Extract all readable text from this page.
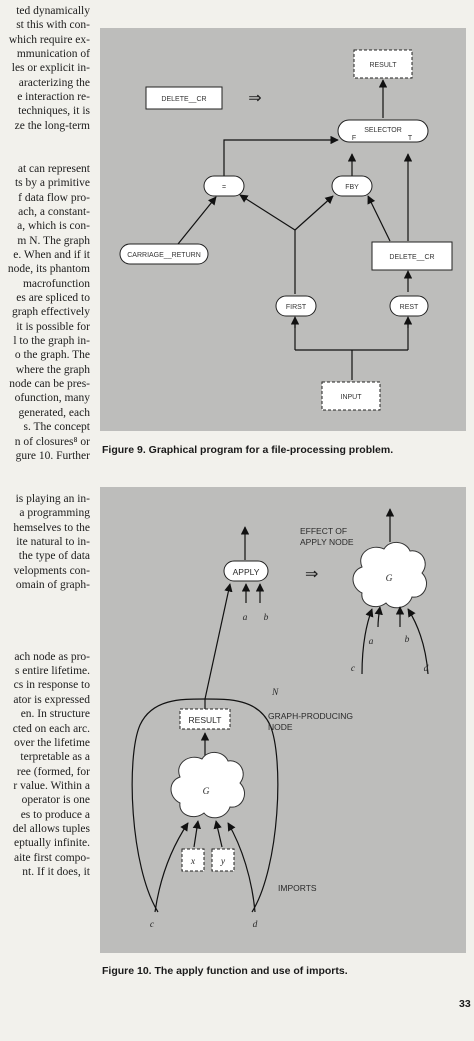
ted dynamically
st this with con-
which require ex-
mmunication of
les or explicit in-
aracterizing the
e interaction re-
techniques, it is
ze the long-term
at can represent
ts by a primitive
f data flow pro-
ach, a constant-
a, which is con-
m N. The graph
e. When and if it
node, its phantom
macrofunction
es are spliced to
graph effectively
it is possible for
l to the graph in-
o the graph. The
where the graph
node can be pres-
ofunction, many
generated, each
s. The concept
n of closures⁸ or
gure 10. Further
is playing an in-
a programming
hemselves to the
ite natural to in-
the type of data
velopments con-
omain of graph-
ach node as pro-
s entire lifetime.
cs in response to
ator is expressed
en. In structure
cted on each arc.
over the lifetime
terpretable as a
ree (formed, for
r value. Within a
operator is one
es to produce a
del allows tuples
eptually infinite.
aite first compo-
nt. If it does, it
RESULT
DELETE__CR	⇒
SELECTOR
F	T
=	FBY
CARRIAGE__RETURN	DELETE__CR
FIRST	REST
INPUT
Figure 9. Graphical program for a file-processing problem.
APPLY
a b
EFFECT OF
APPLY NODE
⇒	G
a	b
c	d
N
RESULT
G
x	y
c	d
GRAPH-PRODUCING
NODE
IMPORTS
Figure 10. The apply function and use of imports.
33
